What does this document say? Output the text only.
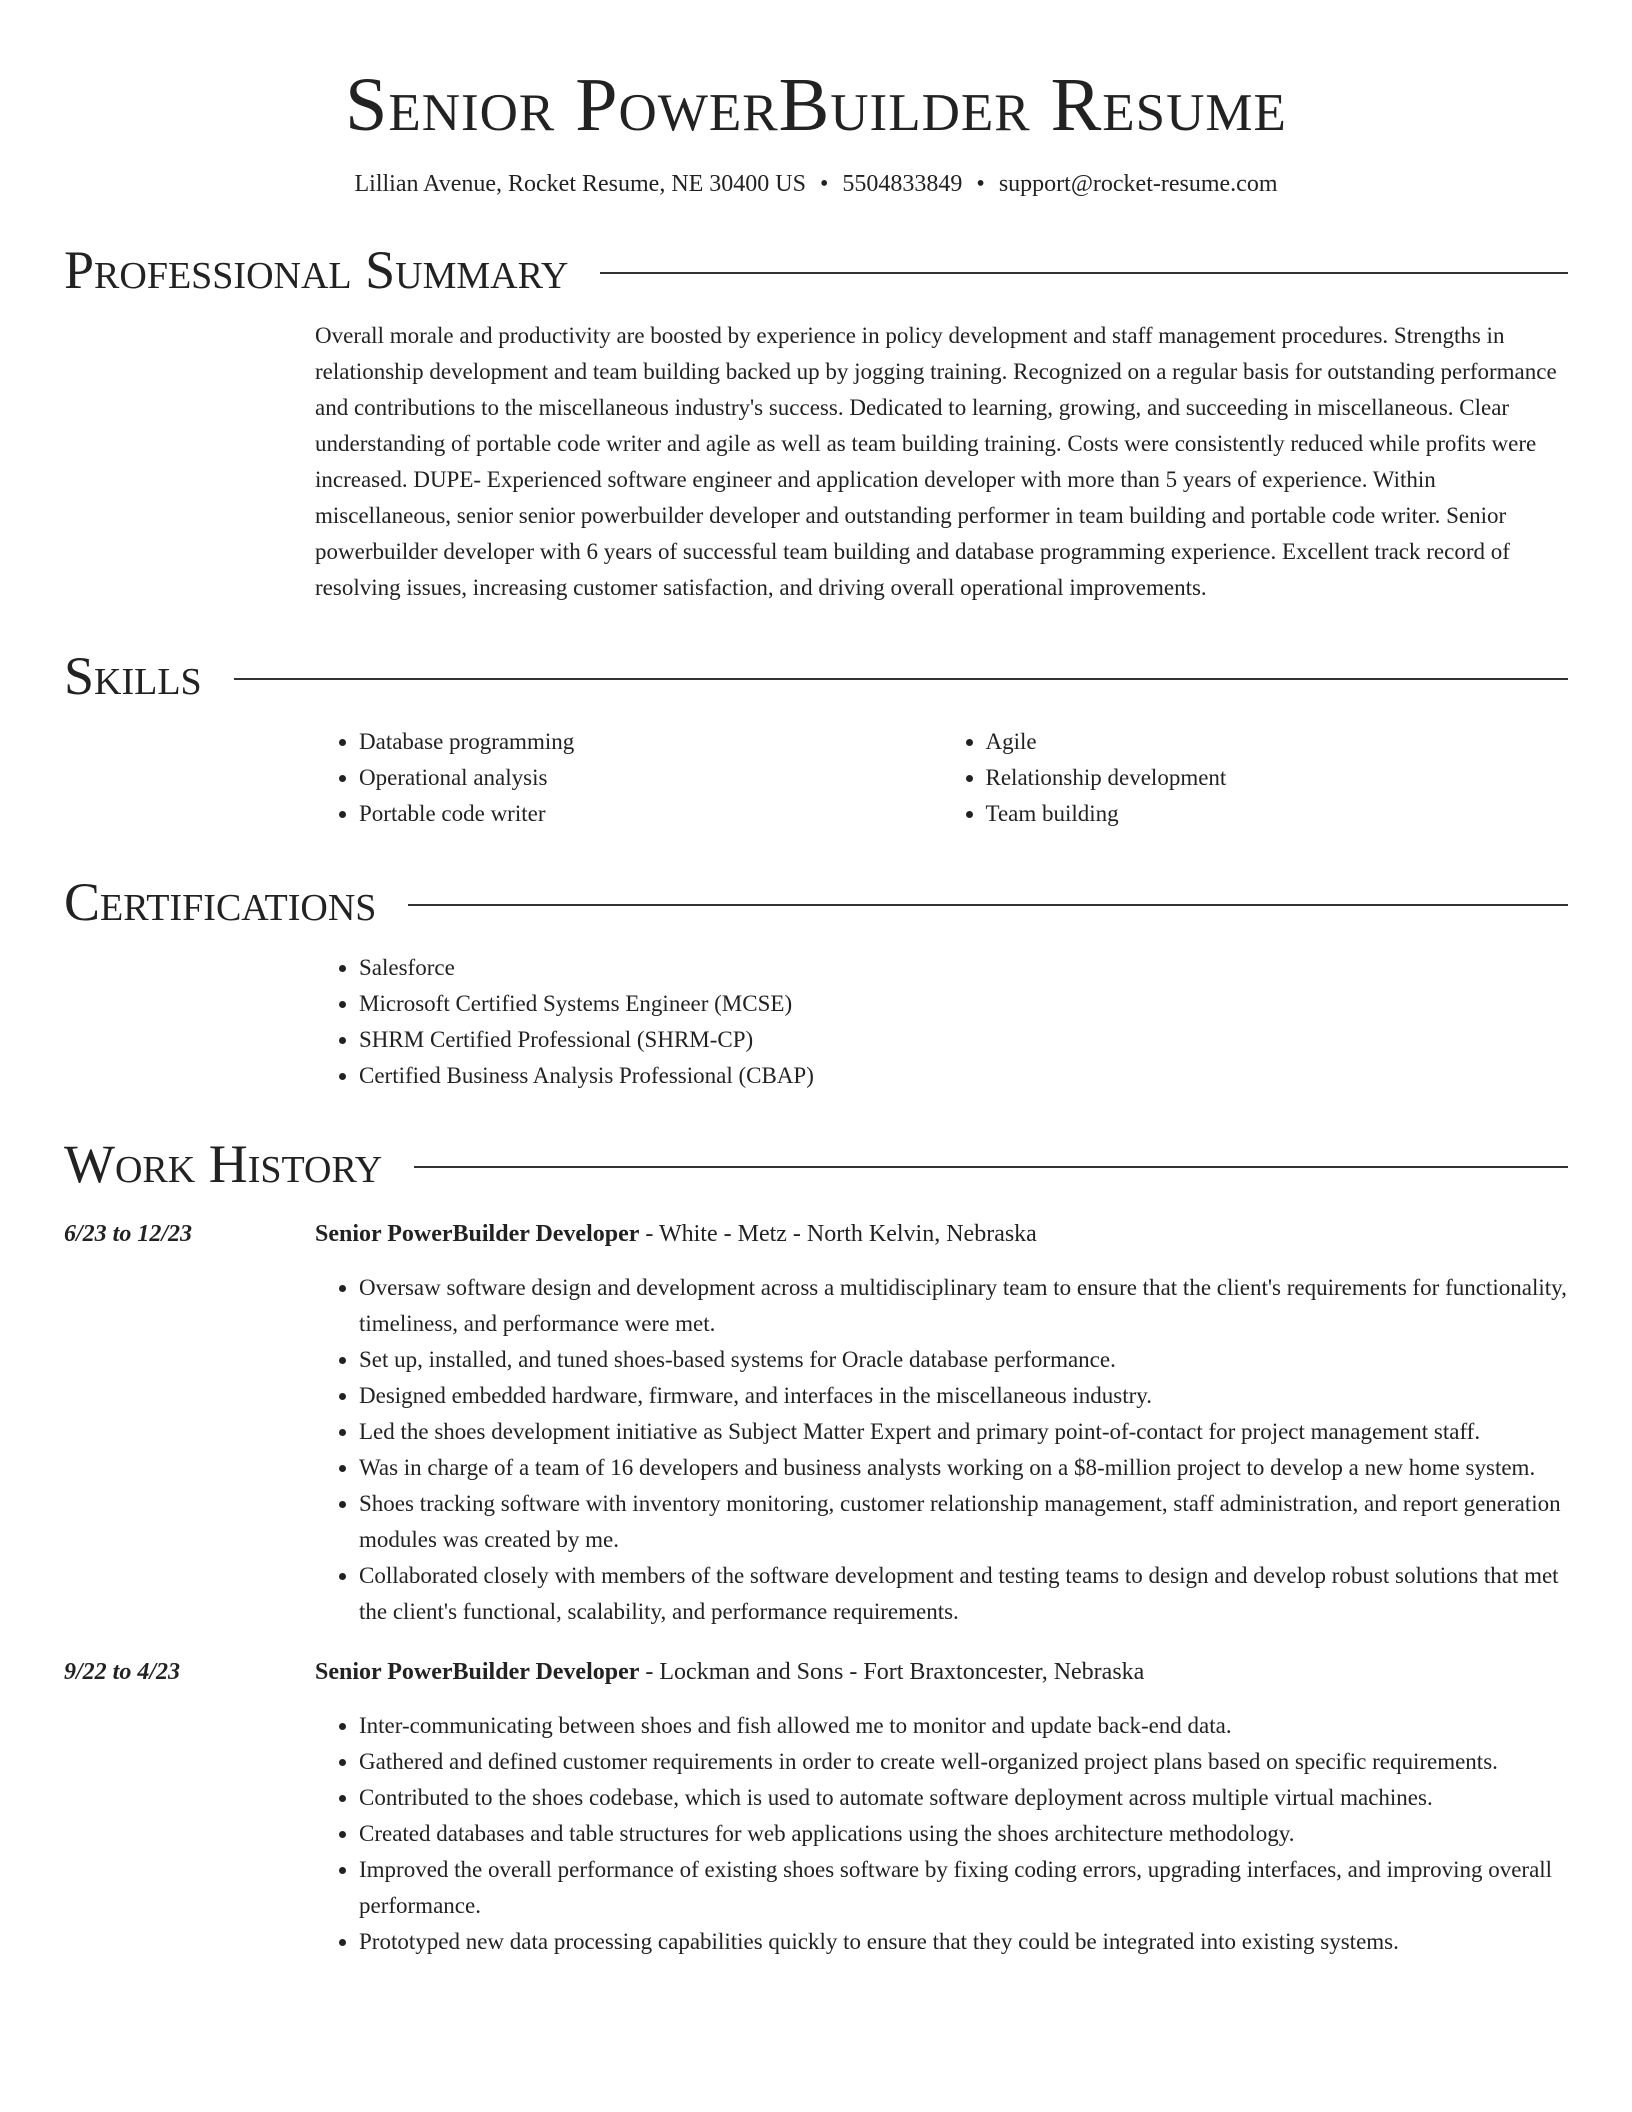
Senior PowerBuilder Resume
Lillian Avenue, Rocket Resume, NE 30400 US • 5504833849 • support@rocket-resume.com
Professional Summary
Overall morale and productivity are boosted by experience in policy development and staff management procedures. Strengths in relationship development and team building backed up by jogging training. Recognized on a regular basis for outstanding performance and contributions to the miscellaneous industry's success. Dedicated to learning, growing, and succeeding in miscellaneous. Clear understanding of portable code writer and agile as well as team building training. Costs were consistently reduced while profits were increased. DUPE- Experienced software engineer and application developer with more than 5 years of experience. Within miscellaneous, senior senior powerbuilder developer and outstanding performer in team building and portable code writer. Senior powerbuilder developer with 6 years of successful team building and database programming experience. Excellent track record of resolving issues, increasing customer satisfaction, and driving overall operational improvements.
Skills
• Database programming
• Operational analysis
• Portable code writer
• Agile
• Relationship development
• Team building
Certifications
• Salesforce
• Microsoft Certified Systems Engineer (MCSE)
• SHRM Certified Professional (SHRM-CP)
• Certified Business Analysis Professional (CBAP)
Work History
6/23 to 12/23	Senior PowerBuilder Developer - White - Metz - North Kelvin, Nebraska
• Oversaw software design and development across a multidisciplinary team to ensure that the client's requirements for functionality, timeliness, and performance were met.
• Set up, installed, and tuned shoes-based systems for Oracle database performance.
• Designed embedded hardware, firmware, and interfaces in the miscellaneous industry.
• Led the shoes development initiative as Subject Matter Expert and primary point-of-contact for project management staff.
• Was in charge of a team of 16 developers and business analysts working on a $8-million project to develop a new home system.
• Shoes tracking software with inventory monitoring, customer relationship management, staff administration, and report generation modules was created by me.
• Collaborated closely with members of the software development and testing teams to design and develop robust solutions that met the client's functional, scalability, and performance requirements.
9/22 to 4/23	Senior PowerBuilder Developer - Lockman and Sons - Fort Braxtoncester, Nebraska
• Inter-communicating between shoes and fish allowed me to monitor and update back-end data.
• Gathered and defined customer requirements in order to create well-organized project plans based on specific requirements.
• Contributed to the shoes codebase, which is used to automate software deployment across multiple virtual machines.
• Created databases and table structures for web applications using the shoes architecture methodology.
• Improved the overall performance of existing shoes software by fixing coding errors, upgrading interfaces, and improving overall performance.
• Prototyped new data processing capabilities quickly to ensure that they could be integrated into existing systems.
